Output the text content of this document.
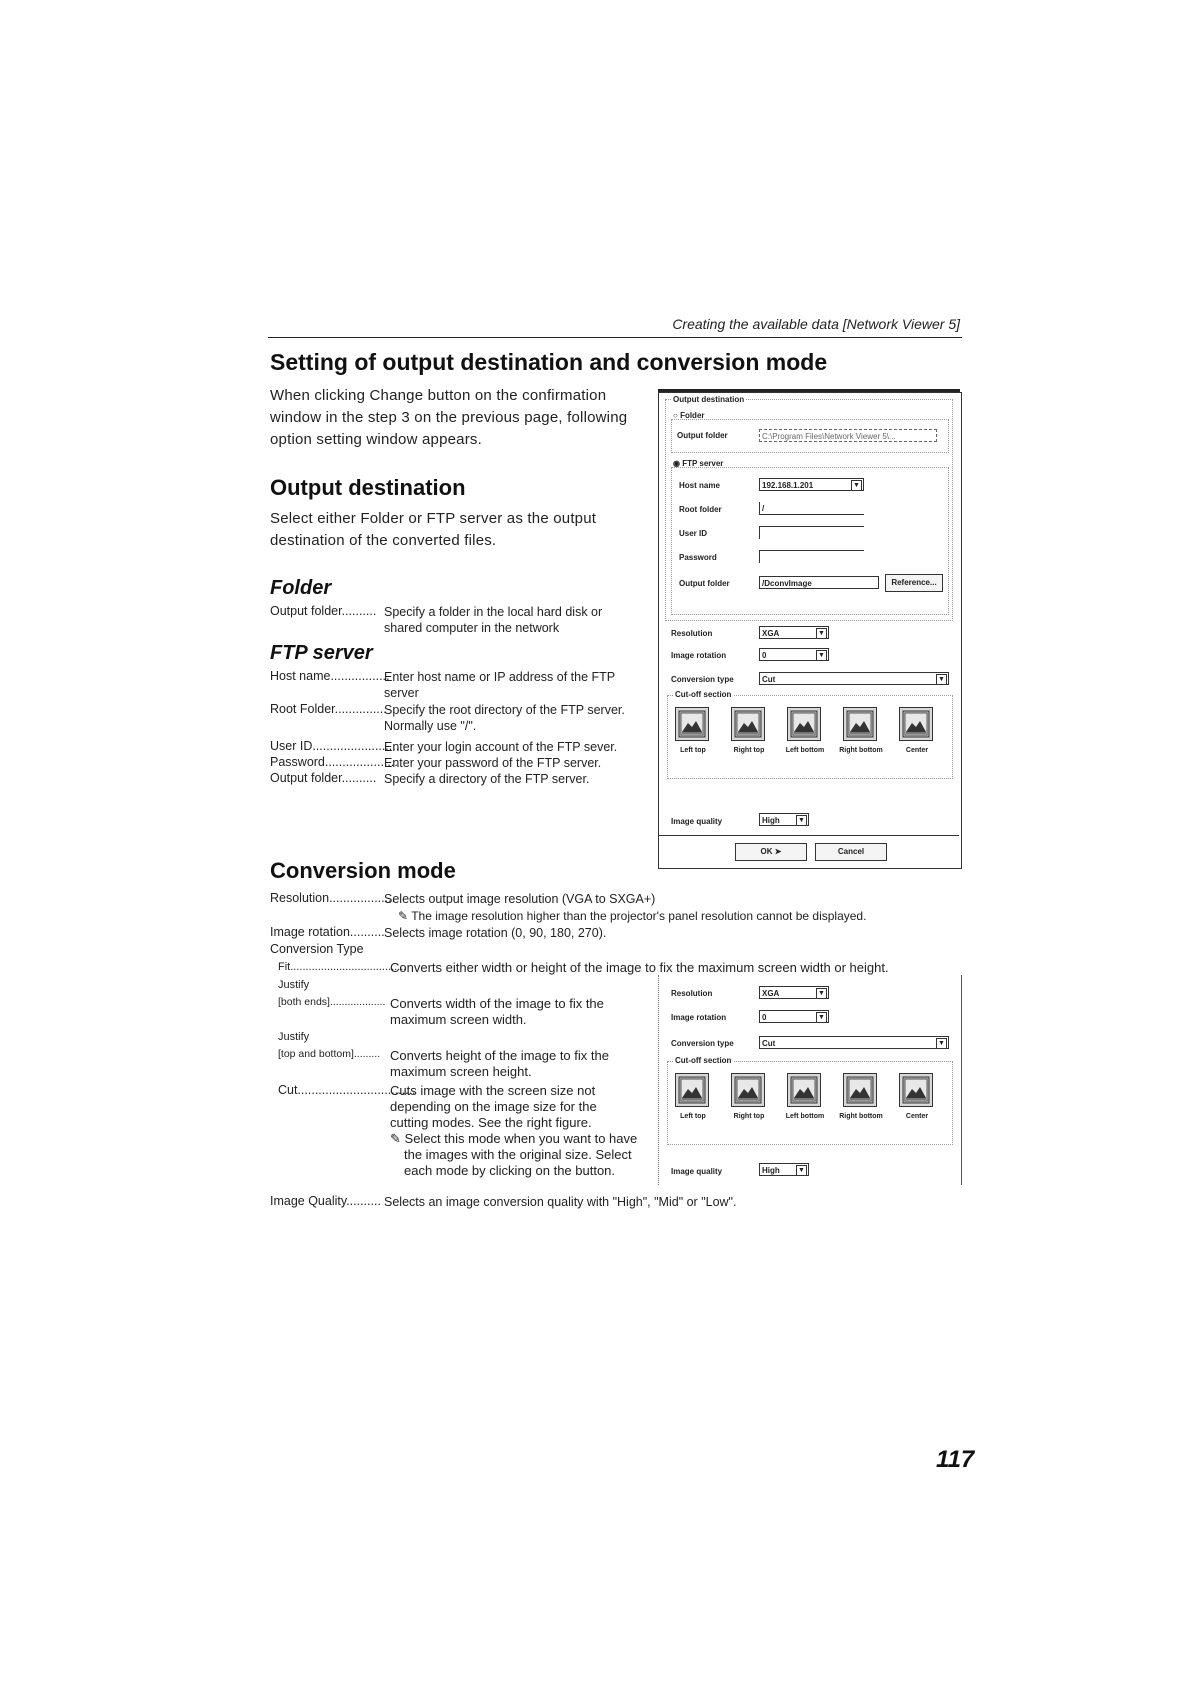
Creating the available data [Network Viewer 5]
Setting of output destination and conversion mode
When clicking Change button on the confirmation
window in the step 3 on the previous page, following
option setting window appears.
Output destination
Select either Folder or FTP server as the output
destination of the converted files.
Folder
Output folder.......... Specify a folder in the local hard disk or
shared computer in the network
FTP server
Host name.................
Enter host name or IP address of the FTP
server
Root Folder...............
Specify the root directory of the FTP server.
Normally use "/".
User ID.........................
Enter your login account of the FTP sever.
Password.....................
Enter your password of the FTP server.
Output folder.......... Specify a directory of the FTP server.
Output destination
○ Folder
Output folder	C:\Program Files\Network Viewer 5\...
◉ FTP server
Host name	192.168.1.201	▼
Root folder	/
User ID
Password
Output folder	/DconvImage	Reference...
Resolution	XGA	▼
Image rotation	0	▼
Conversion type	Cut	▼
Cut-off section
Image quality	High	▼
OK ➤	Cancel
Left top	Right top	Left bottom	Right bottom	Center
Conversion mode
Resolution...................
Selects output image resolution (VGA to SXGA+)
✎ The image resolution higher than the projector's panel resolution cannot be displayed.
Image rotation.......... Selects image rotation (0, 90, 180, 270).
Conversion Type
Fit......................................
Converts either width or height of the image to fix the maximum screen width or height.
Justify
[both ends]................... Converts width of the image to fix the
maximum screen width.
Justify
[top and bottom]......... Converts height of the image to fix the
maximum screen height.
Cut..................................
Cuts image with the screen size not
depending on the image size for the
cutting modes. See the right figure.
✎ Select this mode when you want to have
the images with the original size. Select
each mode by clicking on the button.
Image Quality.......... Selects an image conversion quality with "High", "Mid" or "Low".
Resolution	XGA	▼
Image rotation	0	▼
Conversion type	Cut	▼
Cut-off section
Image quality	High	▼
Left top	Right top	Left bottom	Right bottom	Center
117
